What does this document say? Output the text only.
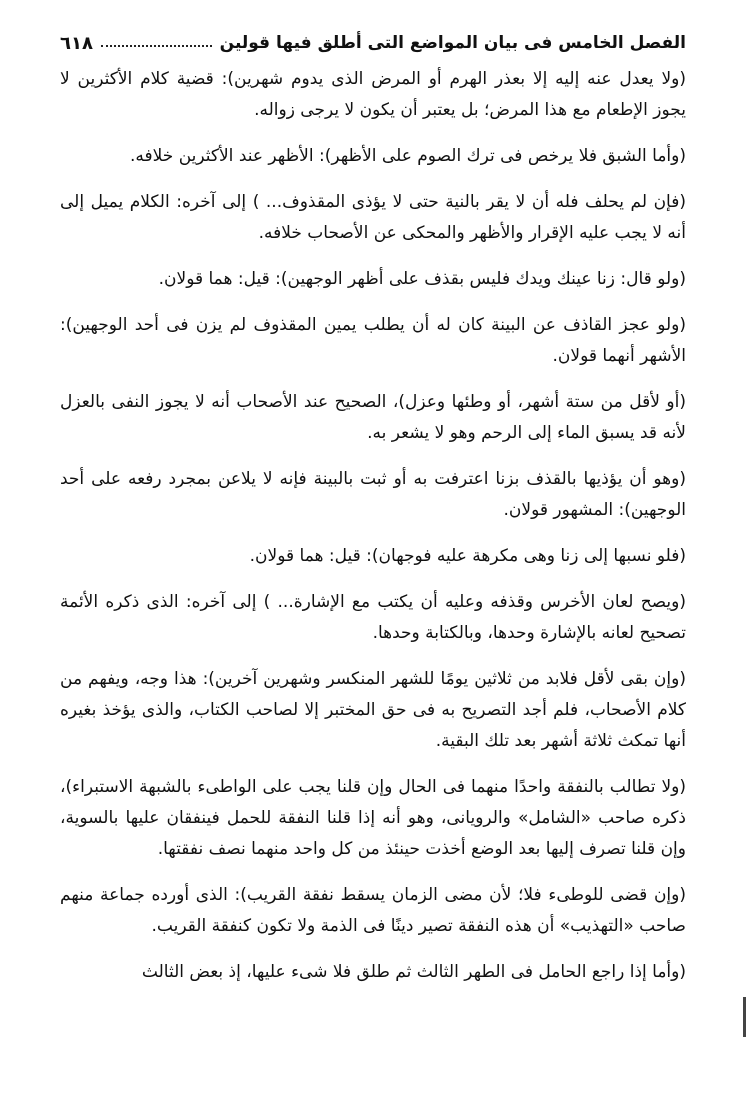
الفصل الخامس فى بيان المواضع التى أطلق فيها قولين
٦١٨

(ولا يعدل عنه إليه إلا بعذر الهرم أو المرض الذى يدوم شهرين): قضية كلام الأكثرين لا يجوز الإطعام مع هذا المرض؛ بل يعتبر أن يكون لا يرجى زواله.

(وأما الشبق فلا يرخص فى ترك الصوم على الأظهر): الأظهر عند الأكثرين خلافه.

(فإن لم يحلف فله أن لا يقر بالنية حتى لا يؤذى المقذوف... ) إلى آخره: الكلام يميل إلى أنه لا يجب عليه الإقرار والأظهر والمحكى عن الأصحاب خلافه.

(ولو قال: زنا عينك ويدك فليس بقذف على أظهر الوجهين): قيل: هما قولان.

(ولو عجز القاذف عن البينة كان له أن يطلب يمين المقذوف لم يزن فى أحد الوجهين): الأشهر أنهما قولان.

(أو لأقل من ستة أشهر، أو وطئها وعزل)، الصحيح عند الأصحاب أنه لا يجوز النفى بالعزل لأنه قد يسبق الماء إلى الرحم وهو لا يشعر به.

(وهو أن يؤذيها بالقذف بزنا اعترفت به أو ثبت بالبينة فإنه لا يلاعن بمجرد رفعه على أحد الوجهين): المشهور قولان.

(فلو نسبها إلى زنا وهى مكرهة عليه فوجهان): قيل: هما قولان.

(ويصح لعان الأخرس وقذفه وعليه أن يكتب مع الإشارة... ) إلى آخره: الذى ذكره الأئمة تصحيح لعانه بالإشارة وحدها، وبالكتابة وحدها.

(وإن بقى لأقل فلابد من ثلاثين يومًا للشهر المنكسر وشهرين آخرين): هذا وجه، ويفهم من كلام الأصحاب، فلم أجد التصريح به فى حق المختبر إلا لصاحب الكتاب، والذى يؤخذ بغيره أنها تمكث ثلاثة أشهر بعد تلك البقية.

(ولا تطالب بالنفقة واحدًا منهما فى الحال وإن قلنا يجب على الواطىء بالشبهة الاستبراء)، ذكره صاحب «الشامل» والرويانى، وهو أنه إذا قلنا النفقة للحمل فينفقان عليها بالسوية، وإن قلنا تصرف إليها بعد الوضع أخذت حينئذ من كل واحد منهما نصف نفقتها.

(وإن قضى للوطىء فلا؛ لأن مضى الزمان يسقط نفقة القريب): الذى أورده جماعة منهم صاحب «التهذيب» أن هذه النفقة تصير دينًا فى الذمة ولا تكون كنفقة القريب.

(وأما إذا راجع الحامل فى الطهر الثالث ثم طلق فلا شىء عليها، إذ بعض الثالث
